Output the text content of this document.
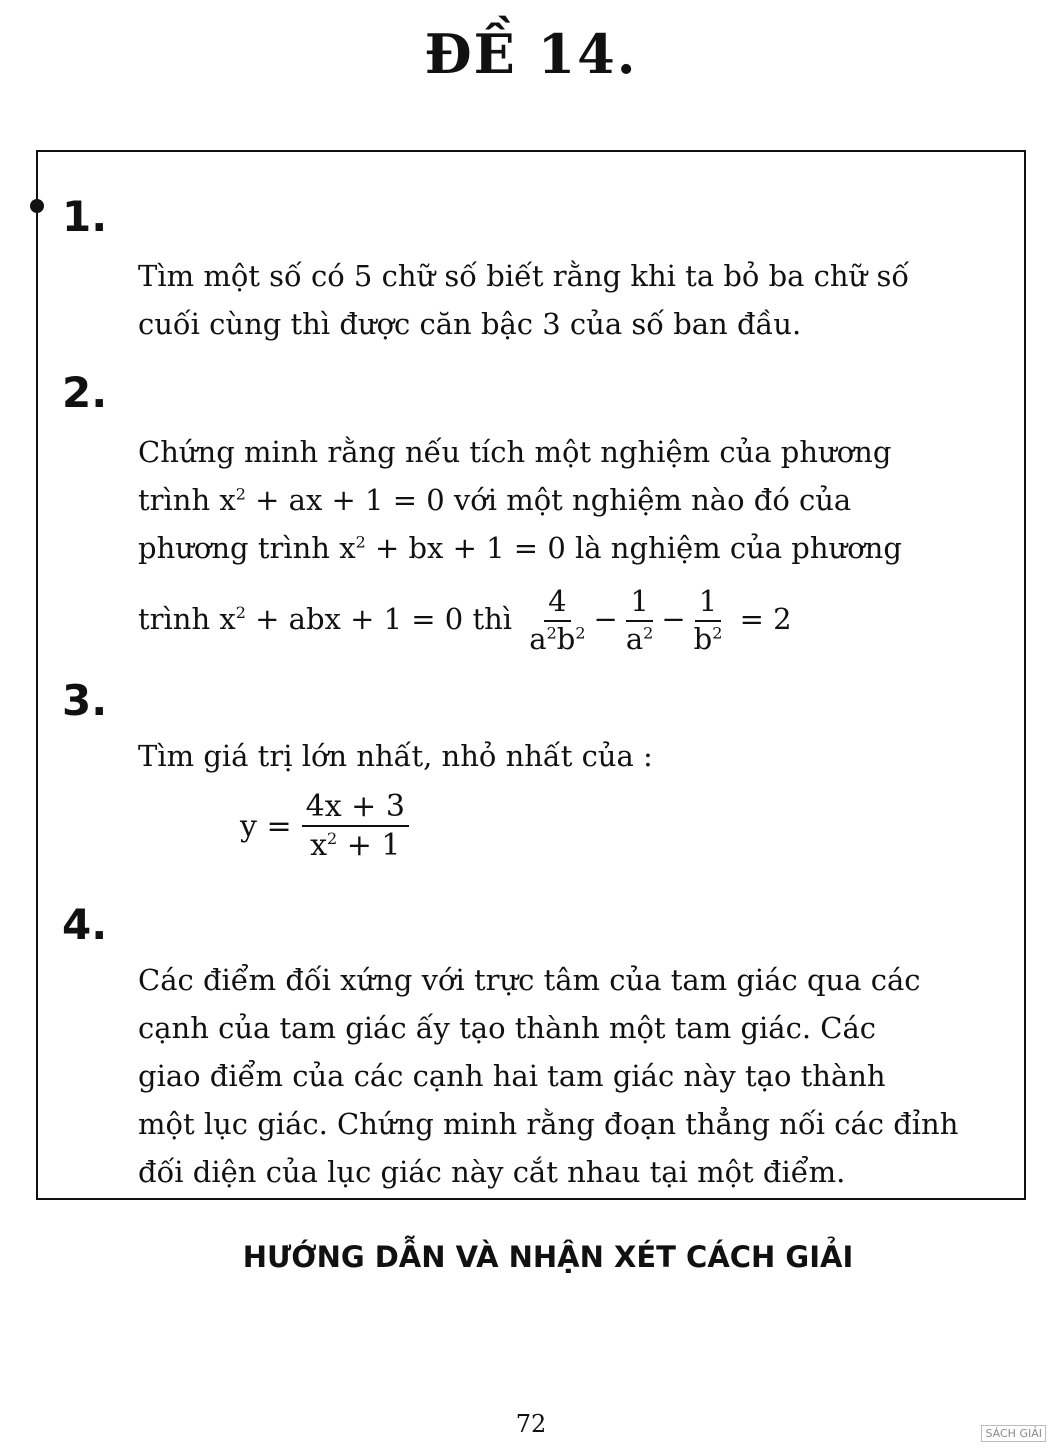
ĐỀ 14.
1.
Tìm một số có 5 chữ số biết rằng khi ta bỏ ba chữ số
cuối cùng thì được căn bậc 3 của số ban đầu.
2.
Chứng minh rằng nếu tích một nghiệm của phương
trình $x^2$ + ax + 1 = 0 với một nghiệm nào đó của
phương trình $x^2$ + bx + 1 = 0 là nghiệm của phương
trình $x^2$ + abx + 1 = 0 thì $\frac{4}{a^2b^2} - \frac{1}{a^2} - \frac{1}{b^2} = 2$
3.
Tìm giá trị lớn nhất, nhỏ nhất của :
$y = \frac{4x + 3}{x^2 + 1}$
4.
Các điểm đối xứng với trực tâm của tam giác qua các
cạnh của tam giác ấy tạo thành một tam giác. Các
giao điểm của các cạnh hai tam giác này tạo thành
một lục giác. Chứng minh rằng đoạn thẳng nối các đỉnh
đối diện của lục giác này cắt nhau tại một điểm.
HƯỚNG DẪN VÀ NHẬN XÉT CÁCH GIẢI
72	SÁCH GIẢI
